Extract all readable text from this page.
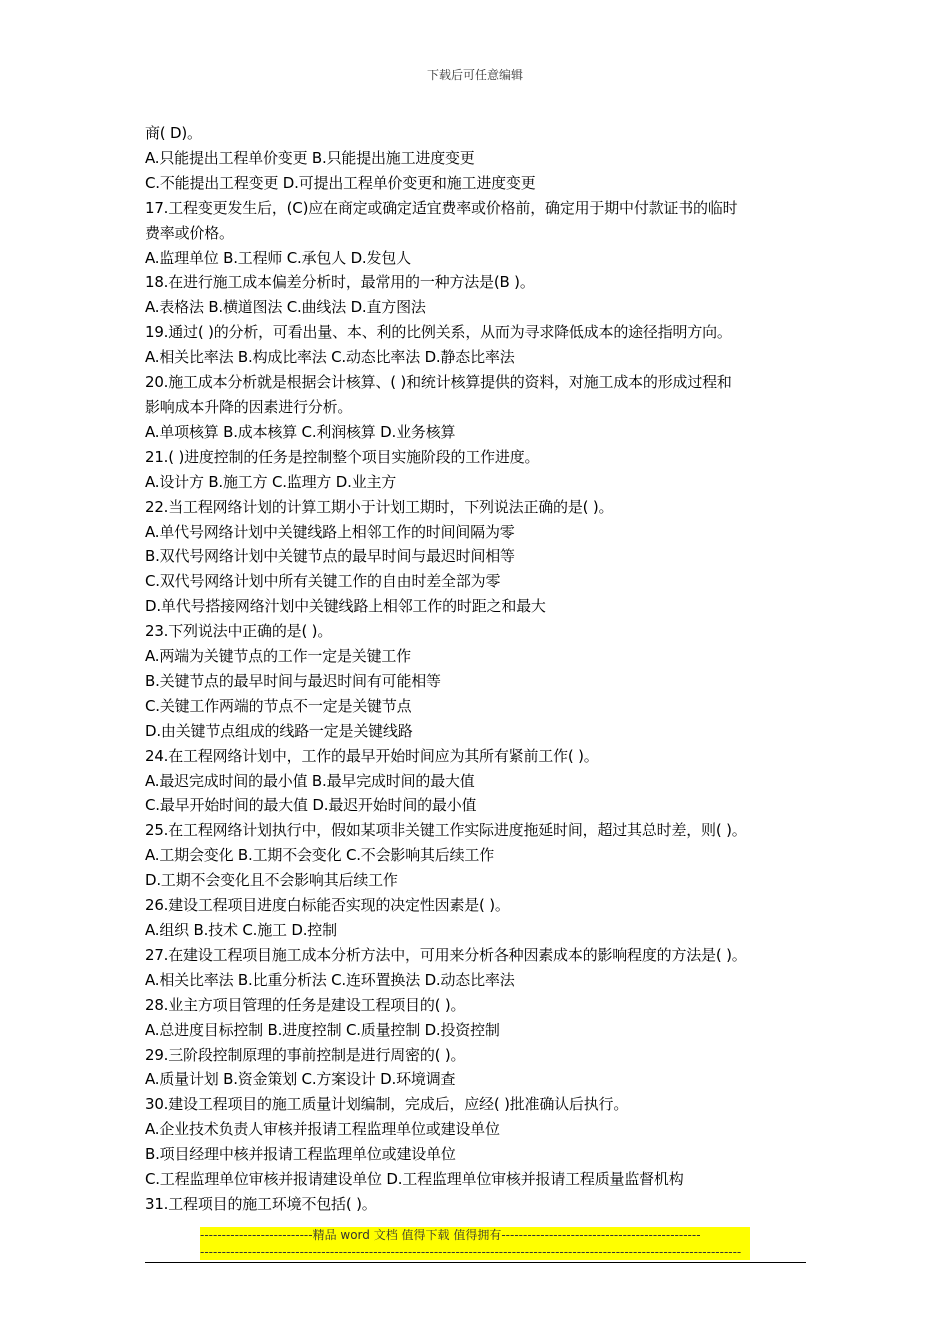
下载后可任意编辑
商( D)。
A.只能提出工程单价变更 B.只能提出施工进度变更
C.不能提出工程变更 D.可提出工程单价变更和施工进度变更
17.工程变更发生后，(C)应在商定或确定适宜费率或价格前，确定用于期中付款证书的临时
费率或价格。
A.监理单位 B.工程师 C.承包人 D.发包人
18.在进行施工成本偏差分析时，最常用的一种方法是(B )。
A.表格法 B.横道图法 C.曲线法 D.直方图法
19.通过( )的分析，可看出量、本、利的比例关系，从而为寻求降低成本的途径指明方向。
A.相关比率法 B.构成比率法 C.动态比率法 D.静态比率法
20.施工成本分析就是根据会计核算、( )和统计核算提供的资料，对施工成本的形成过程和
影响成本升降的因素进行分析。
A.单项核算 B.成本核算 C.利润核算 D.业务核算
21.( )进度控制的任务是控制整个项目实施阶段的工作进度。
A.设计方 B.施工方 C.监理方 D.业主方
22.当工程网络计划的计算工期小于计划工期时，下列说法正确的是( )。
A.单代号网络计划中关键线路上相邻工作的时间间隔为零
B.双代号网络计划中关键节点的最早时间与最迟时间相等
C.双代号网络计划中所有关键工作的自由时差全部为零
D.单代号搭接网络汁划中关键线路上相邻工作的时距之和最大
23.下列说法中正确的是( )。
A.两端为关键节点的工作一定是关键工作
B.关键节点的最早时间与最迟时间有可能相等
C.关键工作两端的节点不一定是关键节点
D.由关键节点组成的线路一定是关键线路
24.在工程网络计划中，工作的最早开始时间应为其所有紧前工作( )。
A.最迟完成时间的最小值 B.最早完成时间的最大值
C.最早开始时间的最大值 D.最迟开始时间的最小值
25.在工程网络计划执行中，假如某项非关键工作实际进度拖延时间，超过其总时差，则( )。
A.工期会变化 B.工期不会变化 C.不会影响其后续工作
D.工期不会变化且不会影响其后续工作
26.建设工程项目进度白标能否实现的决定性因素是( )。
A.组织 B.技术 C.施工 D.控制
27.在建设工程项目施工成本分析方法中，可用来分析各种因素成本的影响程度的方法是( )。
A.相关比率法 B.比重分析法 C.连环置换法 D.动态比率法
28.业主方项目管理的任务是建设工程项目的( )。
A.总进度目标控制 B.进度控制 C.质量控制 D.投资控制
29.三阶段控制原理的事前控制是进行周密的( )。
A.质量计划 B.资金策划 C.方案设计 D.环境调查
30.建设工程项目的施工质量计划编制，完成后，应经( )批准确认后执行。
A.企业技术负责人审核并报请工程监理单位或建设单位
B.项目经理中核并报请工程监理单位或建设单位
C.工程监理单位审核并报请建设单位 D.工程监理单位审核并报请工程质量监督机构
31.工程项目的施工环境不包括( )。
--------------------------精品 word 文档 值得下载 值得拥有----------------------------------------------
-----------------------------------------------------------------------------------------------------------------------------
